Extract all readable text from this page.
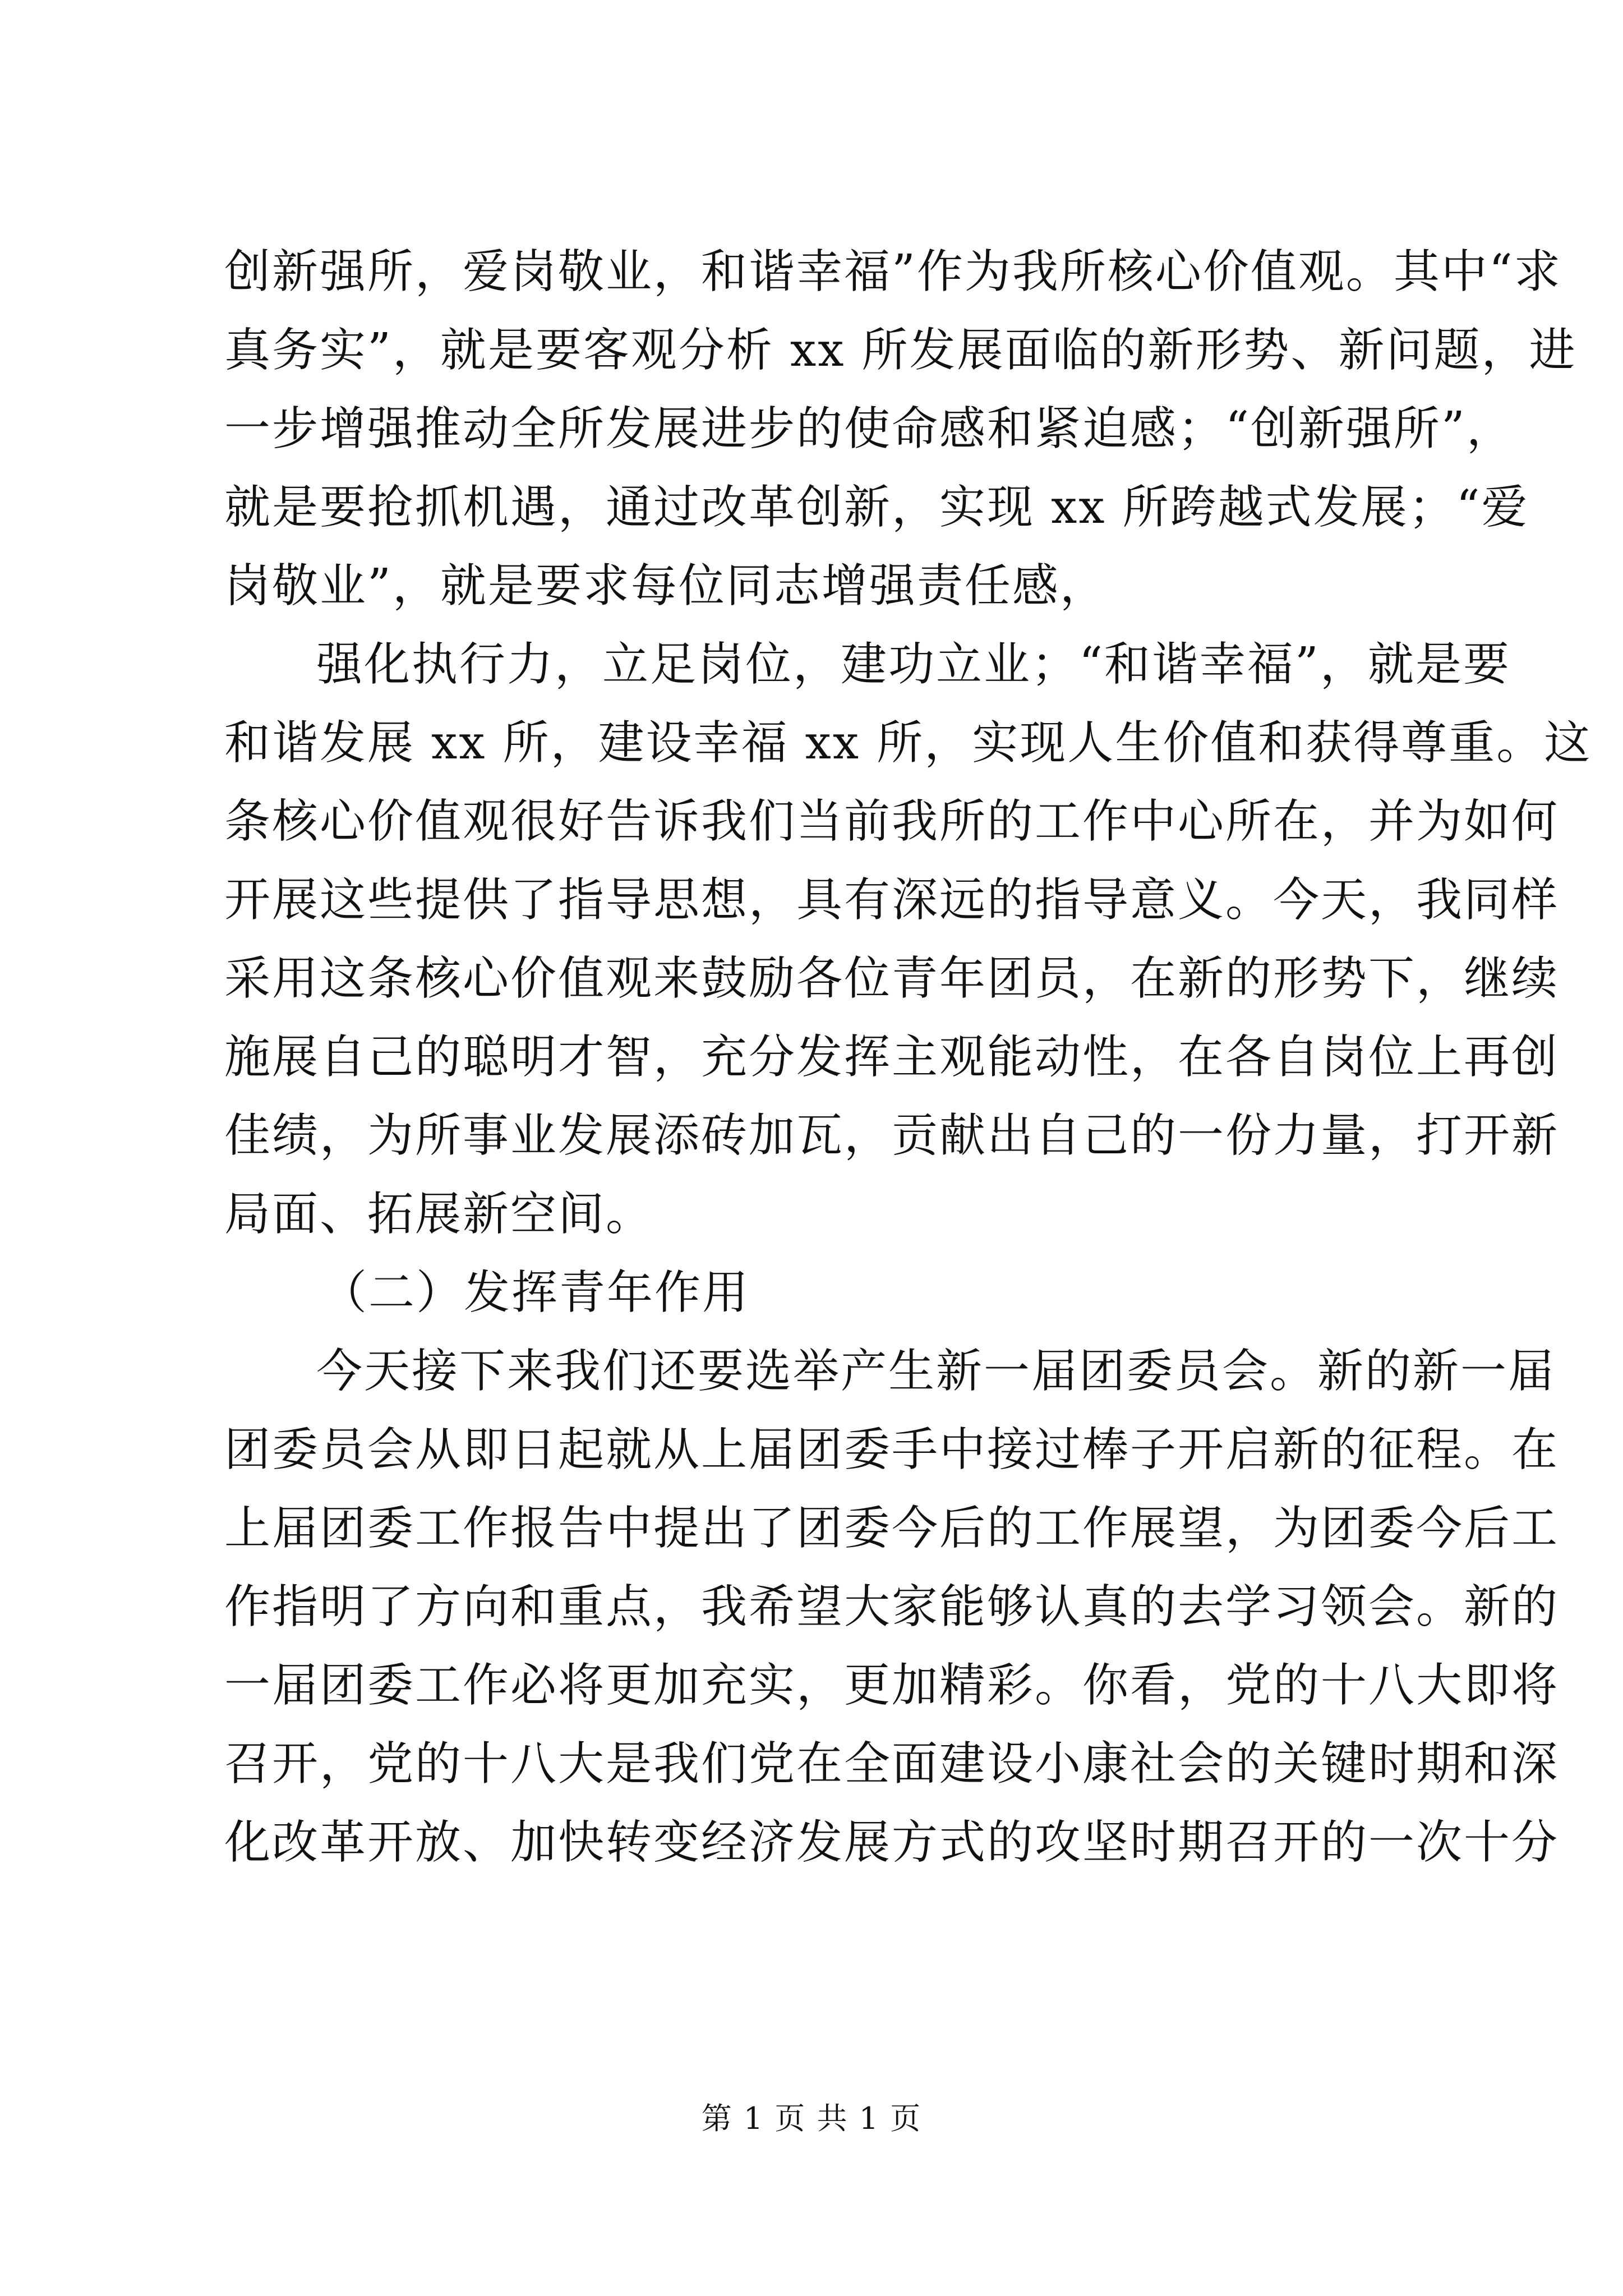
创新强所，爱岗敬业，和谐幸福”作为我所核心价值观。其中“求
真务实”，就是要客观分析 xx 所发展面临的新形势、新问题，进
一步增强推动全所发展进步的使命感和紧迫感；“创新强所”，
就是要抢抓机遇，通过改革创新，实现 xx 所跨越式发展；“爱
岗敬业”，就是要求每位同志增强责任感，
强化执行力，立足岗位，建功立业；“和谐幸福”，就是要
和谐发展 xx 所，建设幸福 xx 所，实现人生价值和获得尊重。这
条核心价值观很好告诉我们当前我所的工作中心所在，并为如何
开展这些提供了指导思想，具有深远的指导意义。今天，我同样
采用这条核心价值观来鼓励各位青年团员，在新的形势下，继续
施展自己的聪明才智，充分发挥主观能动性，在各自岗位上再创
佳绩，为所事业发展添砖加瓦，贡献出自己的一份力量，打开新
局面、拓展新空间。
（二）发挥青年作用
今天接下来我们还要选举产生新一届团委员会。新的新一届
团委员会从即日起就从上届团委手中接过棒子开启新的征程。在
上届团委工作报告中提出了团委今后的工作展望，为团委今后工
作指明了方向和重点，我希望大家能够认真的去学习领会。新的
一届团委工作必将更加充实，更加精彩。你看，党的十八大即将
召开，党的十八大是我们党在全面建设小康社会的关键时期和深
化改革开放、加快转变经济发展方式的攻坚时期召开的一次十分
第 1 页 共 1 页
